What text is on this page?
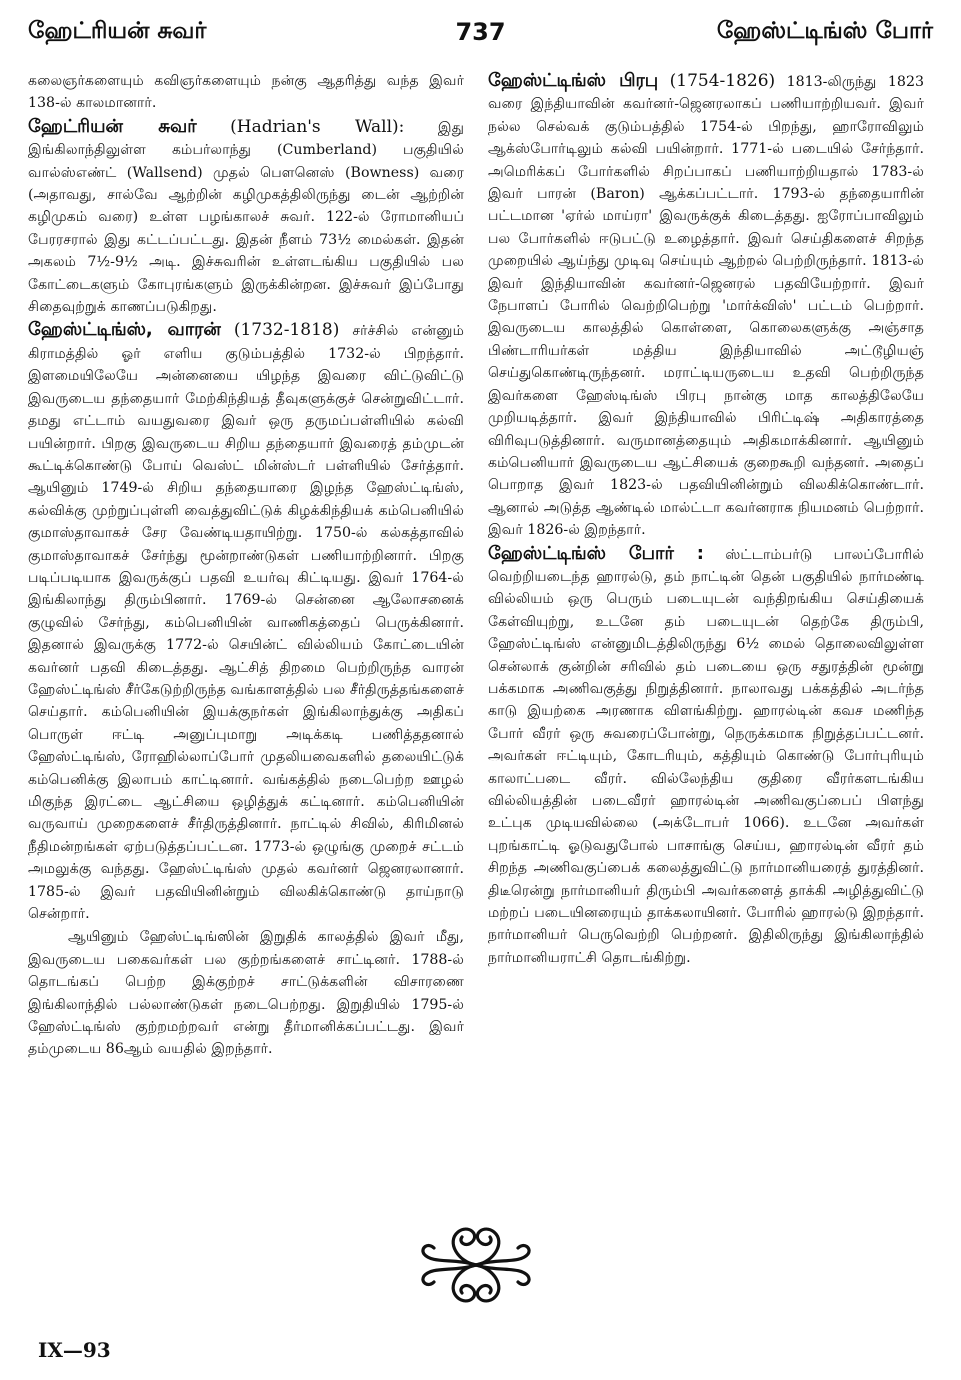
ஹேட்ரியன் சுவர்	737	ஹேஸ்ட்டிங்ஸ் போர்

கலைஞர்களையும் கவிஞர்களையும் நன்கு ஆதரித்து வந்த இவர் 138-ல் காலமானார்.

ஹேட்ரியன் சுவர் (Hadrian's Wall): இது இங்கிலாந்திலுள்ள கம்பர்லாந்து (Cumberland) பகுதியில் வால்ஸ்எண்ட் (Wallsend) முதல் பௌனெஸ் (Bowness) வரை (அதாவது, சால்வே ஆற்றின் கழிமுகத்திலிருந்து டைன் ஆற்றின் கழிமுகம் வரை) உள்ள பழங்காலச் சுவர். 122-ல் ரோமானியப் பேரரசரால் இது கட்டப்பட்டது. இதன் நீளம் 73½ மைல்கள். இதன் அகலம் 7½-9½ அடி. இச்சுவரின் உள்ளடங்கிய பகுதியில் பல கோட்டைகளும் கோபுரங்களும் இருக்கின்றன. இச்சுவர் இப்போது சிதைவுற்றுக் காணப்படுகிறது.

ஹேஸ்ட்டிங்ஸ், வாரன் (1732-1818) சர்ச்சில் என்னும் கிராமத்தில் ஓர் எளிய குடும்பத்தில் 1732-ல் பிறந்தார். இளமையிலேயே அன்னையை யிழந்த இவரை விட்டுவிட்டு இவருடைய தந்தையார் மேற்கிந்தியத் தீவுகளுக்குச் சென்றுவிட்டார். தமது எட்டாம் வயதுவரை இவர் ஒரு தருமப்பள்ளியில் கல்வி பயின்றார். பிறகு இவருடைய சிறிய தந்தையார் இவரைத் தம்முடன் கூட்டிக்கொண்டு போய் வெஸ்ட் மின்ஸ்டர் பள்ளியில் சேர்த்தார். ஆயினும் 1749-ல் சிறிய தந்தையாரை இழந்த ஹேஸ்ட்டிங்ஸ், கல்விக்கு முற்றுப்புள்ளி வைத்துவிட்டுக் கிழக்கிந்தியக் கம்பெனியில் குமாஸ்தாவாகச் சேர வேண்டியதாயிற்று. 1750-ல் கல்கத்தாவில் குமாஸ்தாவாகச் சேர்ந்து மூன்றாண்டுகள் பணியாற்றினார். பிறகு படிப்படியாக இவருக்குப் பதவி உயர்வு கிட்டியது. இவர் 1764-ல் இங்கிலாந்து திரும்பினார். 1769-ல் சென்னை ஆலோசனைக் குழுவில் சேர்ந்து, கம்பெனியின் வாணிகத்தைப் பெருக்கினார். இதனால் இவருக்கு 1772-ல் செயின்ட் வில்லியம் கோட்டையின் கவர்னர் பதவி கிடைத்தது. ஆட்சித் திறமை பெற்றிருந்த வாரன் ஹேஸ்ட்டிங்ஸ் சீர்கேடுற்றிருந்த வங்காளத்தில் பல சீர்திருத்தங்களைச் செய்தார். கம்பெனியின் இயக்குநர்கள் இங்கிலாந்துக்கு அதிகப் பொருள் ஈட்டி அனுப்புமாறு அடிக்கடி பணித்ததனால் ஹேஸ்ட்டிங்ஸ், ரோஹில்லாப்போர் முதலியவைகளில் தலையிட்டுக் கம்பெனிக்கு இலாபம் காட்டினார். வங்கத்தில் நடைபெற்ற ஊழல் மிகுந்த இரட்டை ஆட்சியை ஒழித்துக் கட்டினார். கம்பெனியின் வருவாய் முறைகளைச் சீர்திருத்தினார். நாட்டில் சிவில், கிரிமினல் நீதிமன்றங்கள் ஏற்படுத்தப்பட்டன. 1773-ல் ஒழுங்கு முறைச் சட்டம் அமலுக்கு வந்தது. ஹேஸ்ட்டிங்ஸ் முதல் கவர்னர் ஜெனரலானார். 1785-ல் இவர் பதவியினின்றும் விலகிக்கொண்டு தாய்நாடு சென்றார்.

ஆயினும் ஹேஸ்ட்டிங்ஸின் இறுதிக் காலத்தில் இவர் மீது, இவருடைய பகைவர்கள் பல குற்றங்களைச் சாட்டினர். 1788-ல் தொடங்கப் பெற்ற இக்குற்றச் சாட்டுக்களின் விசாரணை இங்கிலாந்தில் பல்லாண்டுகள் நடைபெற்றது. இறுதியில் 1795-ல் ஹேஸ்ட்டிங்ஸ் குற்றமற்றவர் என்று தீர்மானிக்கப்பட்டது. இவர் தம்முடைய 86ஆம் வயதில் இறந்தார்.

ஹேஸ்ட்டிங்ஸ் பிரபு (1754-1826) 1813-லிருந்து 1823 வரை இந்தியாவின் கவர்னர்-ஜெனரலாகப் பணியாற்றியவர். இவர் நல்ல செல்வக் குடும்பத்தில் 1754-ல் பிறந்து, ஹாரோவிலும் ஆக்ஸ்போர்டிலும் கல்வி பயின்றார். 1771-ல் படையில் சேர்ந்தார். அமெரிக்கப் போர்களில் சிறப்பாகப் பணியாற்றியதால் 1783-ல் இவர் பாரன் (Baron) ஆக்கப்பட்டார். 1793-ல் தந்தையாரின் பட்டமான 'ஏர்ல் மாய்ரா' இவருக்குக் கிடைத்தது. ஐரோப்பாவிலும் பல போர்களில் ஈடுபட்டு உழைத்தார். இவர் செய்திகளைச் சிறந்த முறையில் ஆய்ந்து முடிவு செய்யும் ஆற்றல் பெற்றிருந்தார். 1813-ல் இவர் இந்தியாவின் கவர்னர்-ஜெனரல் பதவியேற்றார். இவர் நேபாளப் போரில் வெற்றிபெற்று 'மார்க்விஸ்' பட்டம் பெற்றார். இவருடைய காலத்தில் கொள்ளை, கொலைகளுக்கு அஞ்சாத பிண்டாரியர்கள் மத்திய இந்தியாவில் அட்டூழியஞ் செய்துகொண்டிருந்தனர். மராட்டியருடைய உதவி பெற்றிருந்த இவர்களை ஹேஸ்டிங்ஸ் பிரபு நான்கு மாத காலத்திலேயே முறியடித்தார். இவர் இந்தியாவில் பிரிட்டிஷ் அதிகாரத்தை விரிவுபடுத்தினார். வருமானத்தையும் அதிகமாக்கினார். ஆயினும் கம்பெனியார் இவருடைய ஆட்சியைக் குறைகூறி வந்தனர். அதைப் பொறாத இவர் 1823-ல் பதவியினின்றும் விலகிக்கொண்டார். ஆனால் அடுத்த ஆண்டில் மால்ட்டா கவர்னராக நியமனம் பெற்றார். இவர் 1826-ல் இறந்தார்.

ஹேஸ்ட்டிங்ஸ் போர் : ஸ்ட்டாம்பர்டு பாலப்போரில் வெற்றியடைந்த ஹாரல்டு, தம் நாட்டின் தென் பகுதியில் நார்மண்டி வில்லியம் ஒரு பெரும் படையுடன் வந்திறங்கிய செய்தியைக் கேள்வியுற்று, உடனே தம் படையுடன் தெற்கே திரும்பி, ஹேஸ்ட்டிங்ஸ் என்னுமிடத்திலிருந்து 6½ மைல் தொலைவிலுள்ள சென்லாக் குன்றின் சரிவில் தம் படையை ஒரு சதுரத்தின் மூன்று பக்கமாக அணிவகுத்து நிறுத்தினார். நாலாவது பக்கத்தில் அடர்ந்த காடு இயற்கை அரணாக விளங்கிற்று. ஹாரல்டின் கவச மணிந்த போர் வீரர் ஒரு சுவரைப்போன்று, நெருக்கமாக நிறுத்தப்பட்டனர். அவர்கள் ஈட்டியும், கோடரியும், கத்தியும் கொண்டு போர்புரியும் காலாட்படை வீரர். வில்லேந்திய குதிரை வீரர்களடங்கிய வில்லியத்தின் படைவீரர் ஹாரல்டின் அணிவகுப்பைப் பிளந்து உட்புக முடியவில்லை (அக்டோபர் 1066). உடனே அவர்கள் புறங்காட்டி ஓடுவதுபோல் பாசாங்கு செய்ய, ஹாரல்டின் வீரர் தம் சிறந்த அணிவகுப்பைக் கலைத்துவிட்டு நார்மானியரைத் துரத்தினர். திடீரென்று நார்மானியர் திரும்பி அவர்களைத் தாக்கி அழித்துவிட்டு மற்றப் படையினரையும் தாக்கலாயினர். போரில் ஹாரல்டு இறந்தார். நார்மானியர் பெருவெற்றி பெற்றனர். இதிலிருந்து இங்கிலாந்தில் நார்மானியராட்சி தொடங்கிற்று.

IX—93
